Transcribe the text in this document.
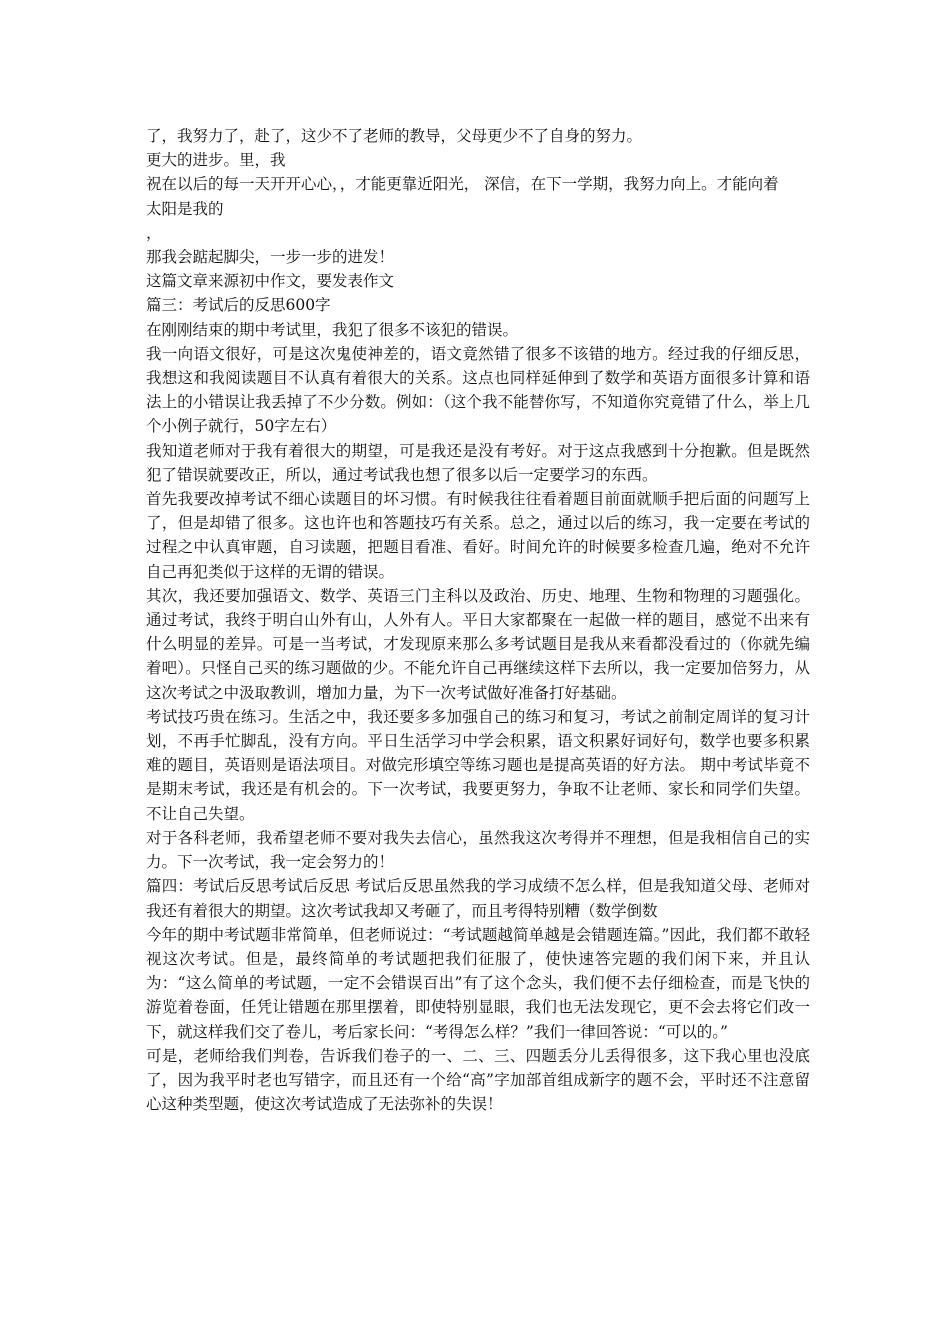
了，我努力了，赴了，这少不了老师的教导，父母更少不了自身的努力。

更大的进步。里，我

祝在以后的每一天开开心心，，才能更靠近阳光， 深信，在下一学期，我努力向上。才能向着

太阳是我的

，

那我会踮起脚尖，一步一步的进发！

这篇文章来源初中作文，要发表作文

篇三：考试后的反思600字

在刚刚结束的期中考试里，我犯了很多不该犯的错误。

我一向语文很好，可是这次鬼使神差的，语文竟然错了很多不该错的地方。经过我的仔细反思，我想这和我阅读题目不认真有着很大的关系。这点也同样延伸到了数学和英语方面很多计算和语法上的小错误让我丢掉了不少分数。例如：（这个我不能替你写，不知道你究竟错了什么，举上几个小例子就行，50字左右）

我知道老师对于我有着很大的期望，可是我还是没有考好。对于这点我感到十分抱歉。但是既然犯了错误就要改正，所以，通过考试我也想了很多以后一定要学习的东西。

首先我要改掉考试不细心读题目的坏习惯。有时候我往往看着题目前面就顺手把后面的问题写上了，但是却错了很多。这也许也和答题技巧有关系。总之，通过以后的练习，我一定要在考试的过程之中认真审题，自习读题，把题目看准、看好。时间允许的时候要多检查几遍，绝对不允许自己再犯类似于这样的无谓的错误。

其次，我还要加强语文、数学、英语三门主科以及政治、历史、地理、生物和物理的习题强化。通过考试，我终于明白山外有山，人外有人。平日大家都聚在一起做一样的题目，感觉不出来有什么明显的差异。可是一当考试，才发现原来那么多考试题目是我从来看都没看过的（你就先编着吧）。只怪自己买的练习题做的少。不能允许自己再继续这样下去所以，我一定要加倍努力，从这次考试之中汲取教训，增加力量，为下一次考试做好准备打好基础。

考试技巧贵在练习。生活之中，我还要多多加强自己的练习和复习，考试之前制定周详的复习计划，不再手忙脚乱，没有方向。平日生活学习中学会积累，语文积累好词好句，数学也要多积累难的题目，英语则是语法项目。对做完形填空等练习题也是提高英语的好方法。 期中考试毕竟不是期末考试，我还是有机会的。下一次考试，我要更努力，争取不让老师、家长和同学们失望。不让自己失望。

对于各科老师，我希望老师不要对我失去信心，虽然我这次考得并不理想，但是我相信自己的实力。下一次考试，我一定会努力的！

篇四：考试后反思考试后反思 考试后反思虽然我的学习成绩不怎么样，但是我知道父母、老师对我还有着很大的期望。这次考试我却又考砸了，而且考得特别糟（数学倒数

今年的期中考试题非常简单，但老师说过：“考试题越简单越是会错题连篇。”因此，我们都不敢轻视这次考试。但是，最终简单的考试题把我们征服了，使快速答完题的我们闲下来，并且认为：“这么简单的考试题，一定不会错误百出”有了这个念头，我们便不去仔细检查，而是飞快的游览着卷面，任凭让错题在那里摆着，即使特别显眼，我们也无法发现它，更不会去将它们改一下，就这样我们交了卷儿，考后家长问：“考得怎么样？”我们一律回答说：“可以的。”

可是，老师给我们判卷，告诉我们卷子的一、二、三、四题丢分儿丢得很多，这下我心里也没底了，因为我平时老也写错字，而且还有一个给“高”字加部首组成新字的题不会，平时还不注意留心这种类型题，使这次考试造成了无法弥补的失误！
